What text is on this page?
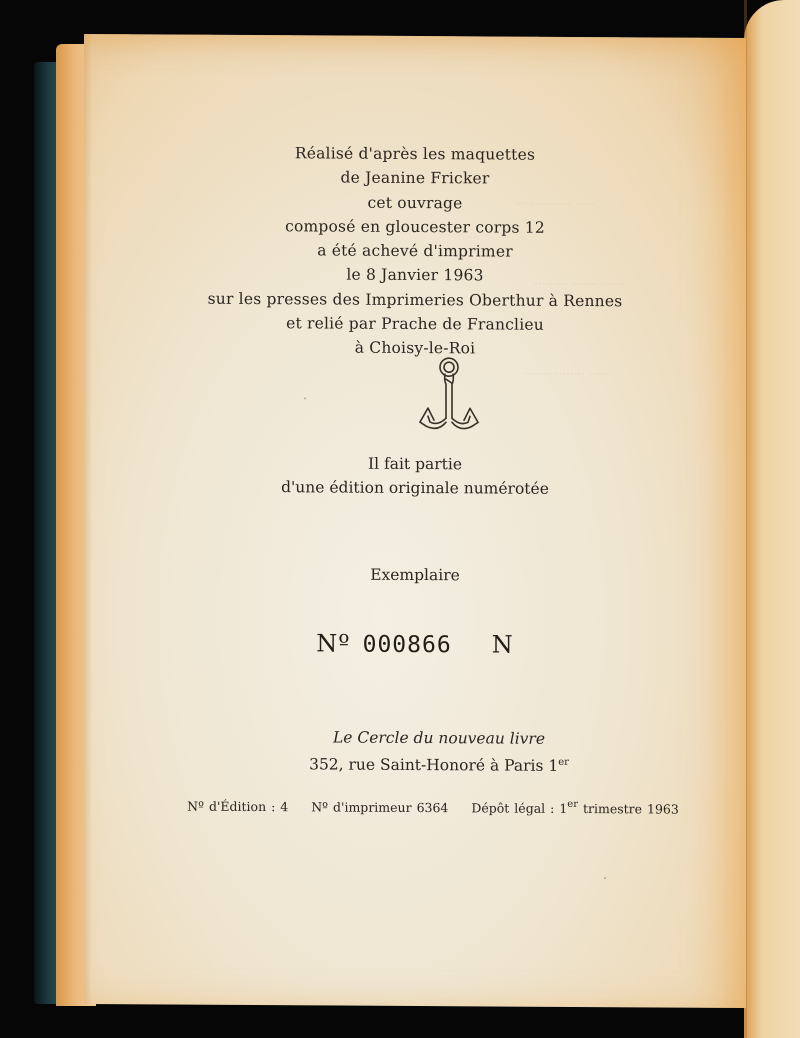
····· ········· ·····
········· ······· ······
······· ········ ·····
Réalisé d'après les maquettes
de Jeanine Fricker
cet ouvrage
composé en gloucester corps 12
a été achevé d'imprimer
le 8 Janvier 1963
sur les presses des Imprimeries Oberthur à Rennes
et relié par Prache de Franclieu
à Choisy-le-Roi
Il fait partie
d'une édition originale numérotée
Exemplaire
Nº 000866 N
Le Cercle du nouveau livre
352, rue Saint-Honoré à Paris 1er
Nº d'Édition : 4 Nº d'imprimeur 6364 Dépôt légal : 1er trimestre 1963
